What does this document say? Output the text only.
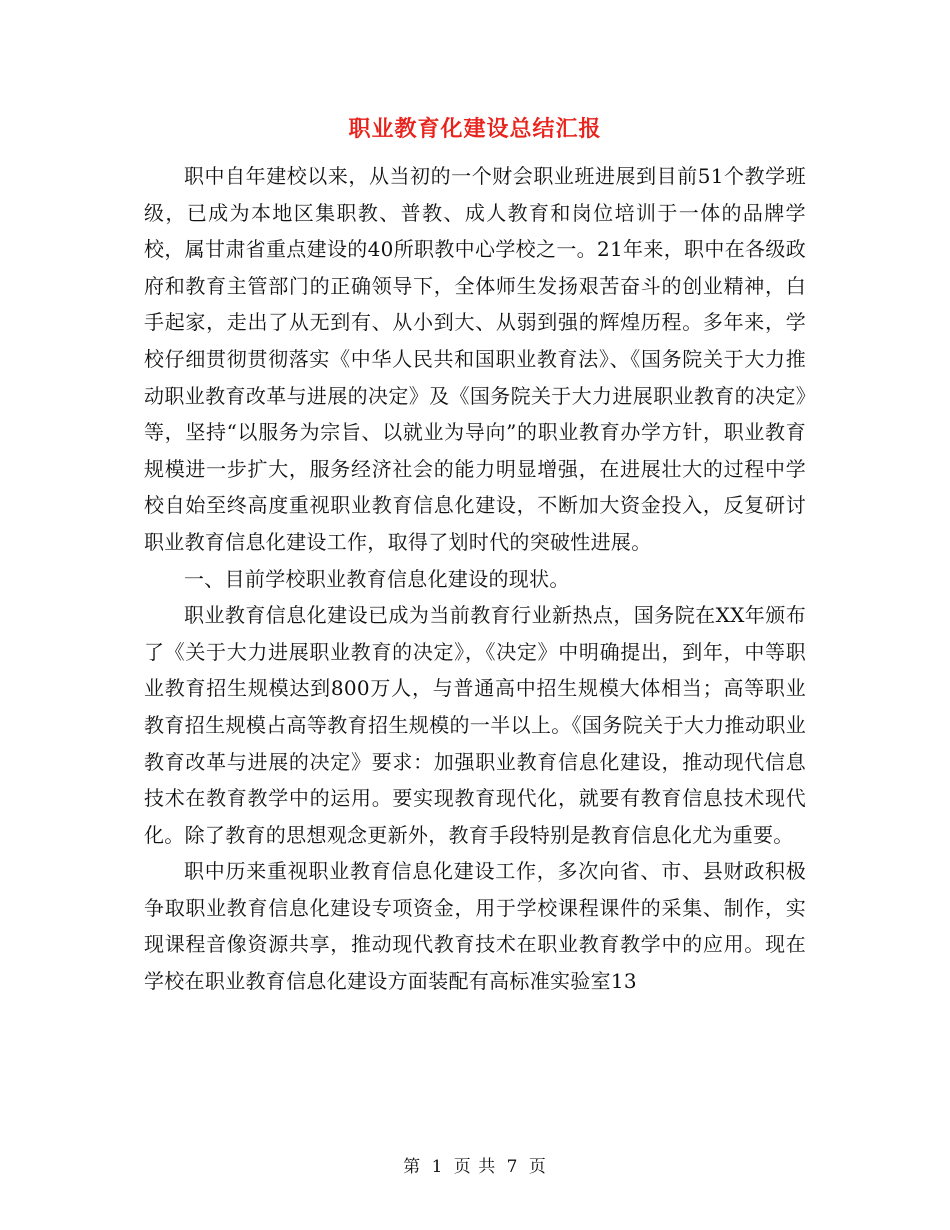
职业教育化建设总结汇报

职中自年建校以来，从当初的一个财会职业班进展到目前51个教学班级，已成为本地区集职教、普教、成人教育和岗位培训于一体的品牌学校，属甘肃省重点建设的40所职教中心学校之一。21年来，职中在各级政府和教育主管部门的正确领导下，全体师生发扬艰苦奋斗的创业精神，白手起家，走出了从无到有、从小到大、从弱到强的辉煌历程。多年来，学校仔细贯彻贯彻落实《中华人民共和国职业教育法》、《国务院关于大力推动职业教育改革与进展的决定》及《国务院关于大力进展职业教育的决定》等，坚持“以服务为宗旨、以就业为导向”的职业教育办学方针，职业教育规模进一步扩大，服务经济社会的能力明显增强，在进展壮大的过程中学校自始至终高度重视职业教育信息化建设，不断加大资金投入，反复研讨职业教育信息化建设工作，取得了划时代的突破性进展。

一、目前学校职业教育信息化建设的现状。

职业教育信息化建设已成为当前教育行业新热点，国务院在XX年颁布了《关于大力进展职业教育的决定》，《决定》中明确提出，到年，中等职业教育招生规模达到800万人，与普通高中招生规模大体相当；高等职业教育招生规模占高等教育招生规模的一半以上。《国务院关于大力推动职业教育改革与进展的决定》要求：加强职业教育信息化建设，推动现代信息技术在教育教学中的运用。要实现教育现代化，就要有教育信息技术现代化。除了教育的思想观念更新外，教育手段特别是教育信息化尤为重要。

职中历来重视职业教育信息化建设工作，多次向省、市、县财政积极争取职业教育信息化建设专项资金，用于学校课程课件的采集、制作，实现课程音像资源共享，推动现代教育技术在职业教育教学中的应用。现在学校在职业教育信息化建设方面装配有高标准实验室13

第 1 页 共 7 页
